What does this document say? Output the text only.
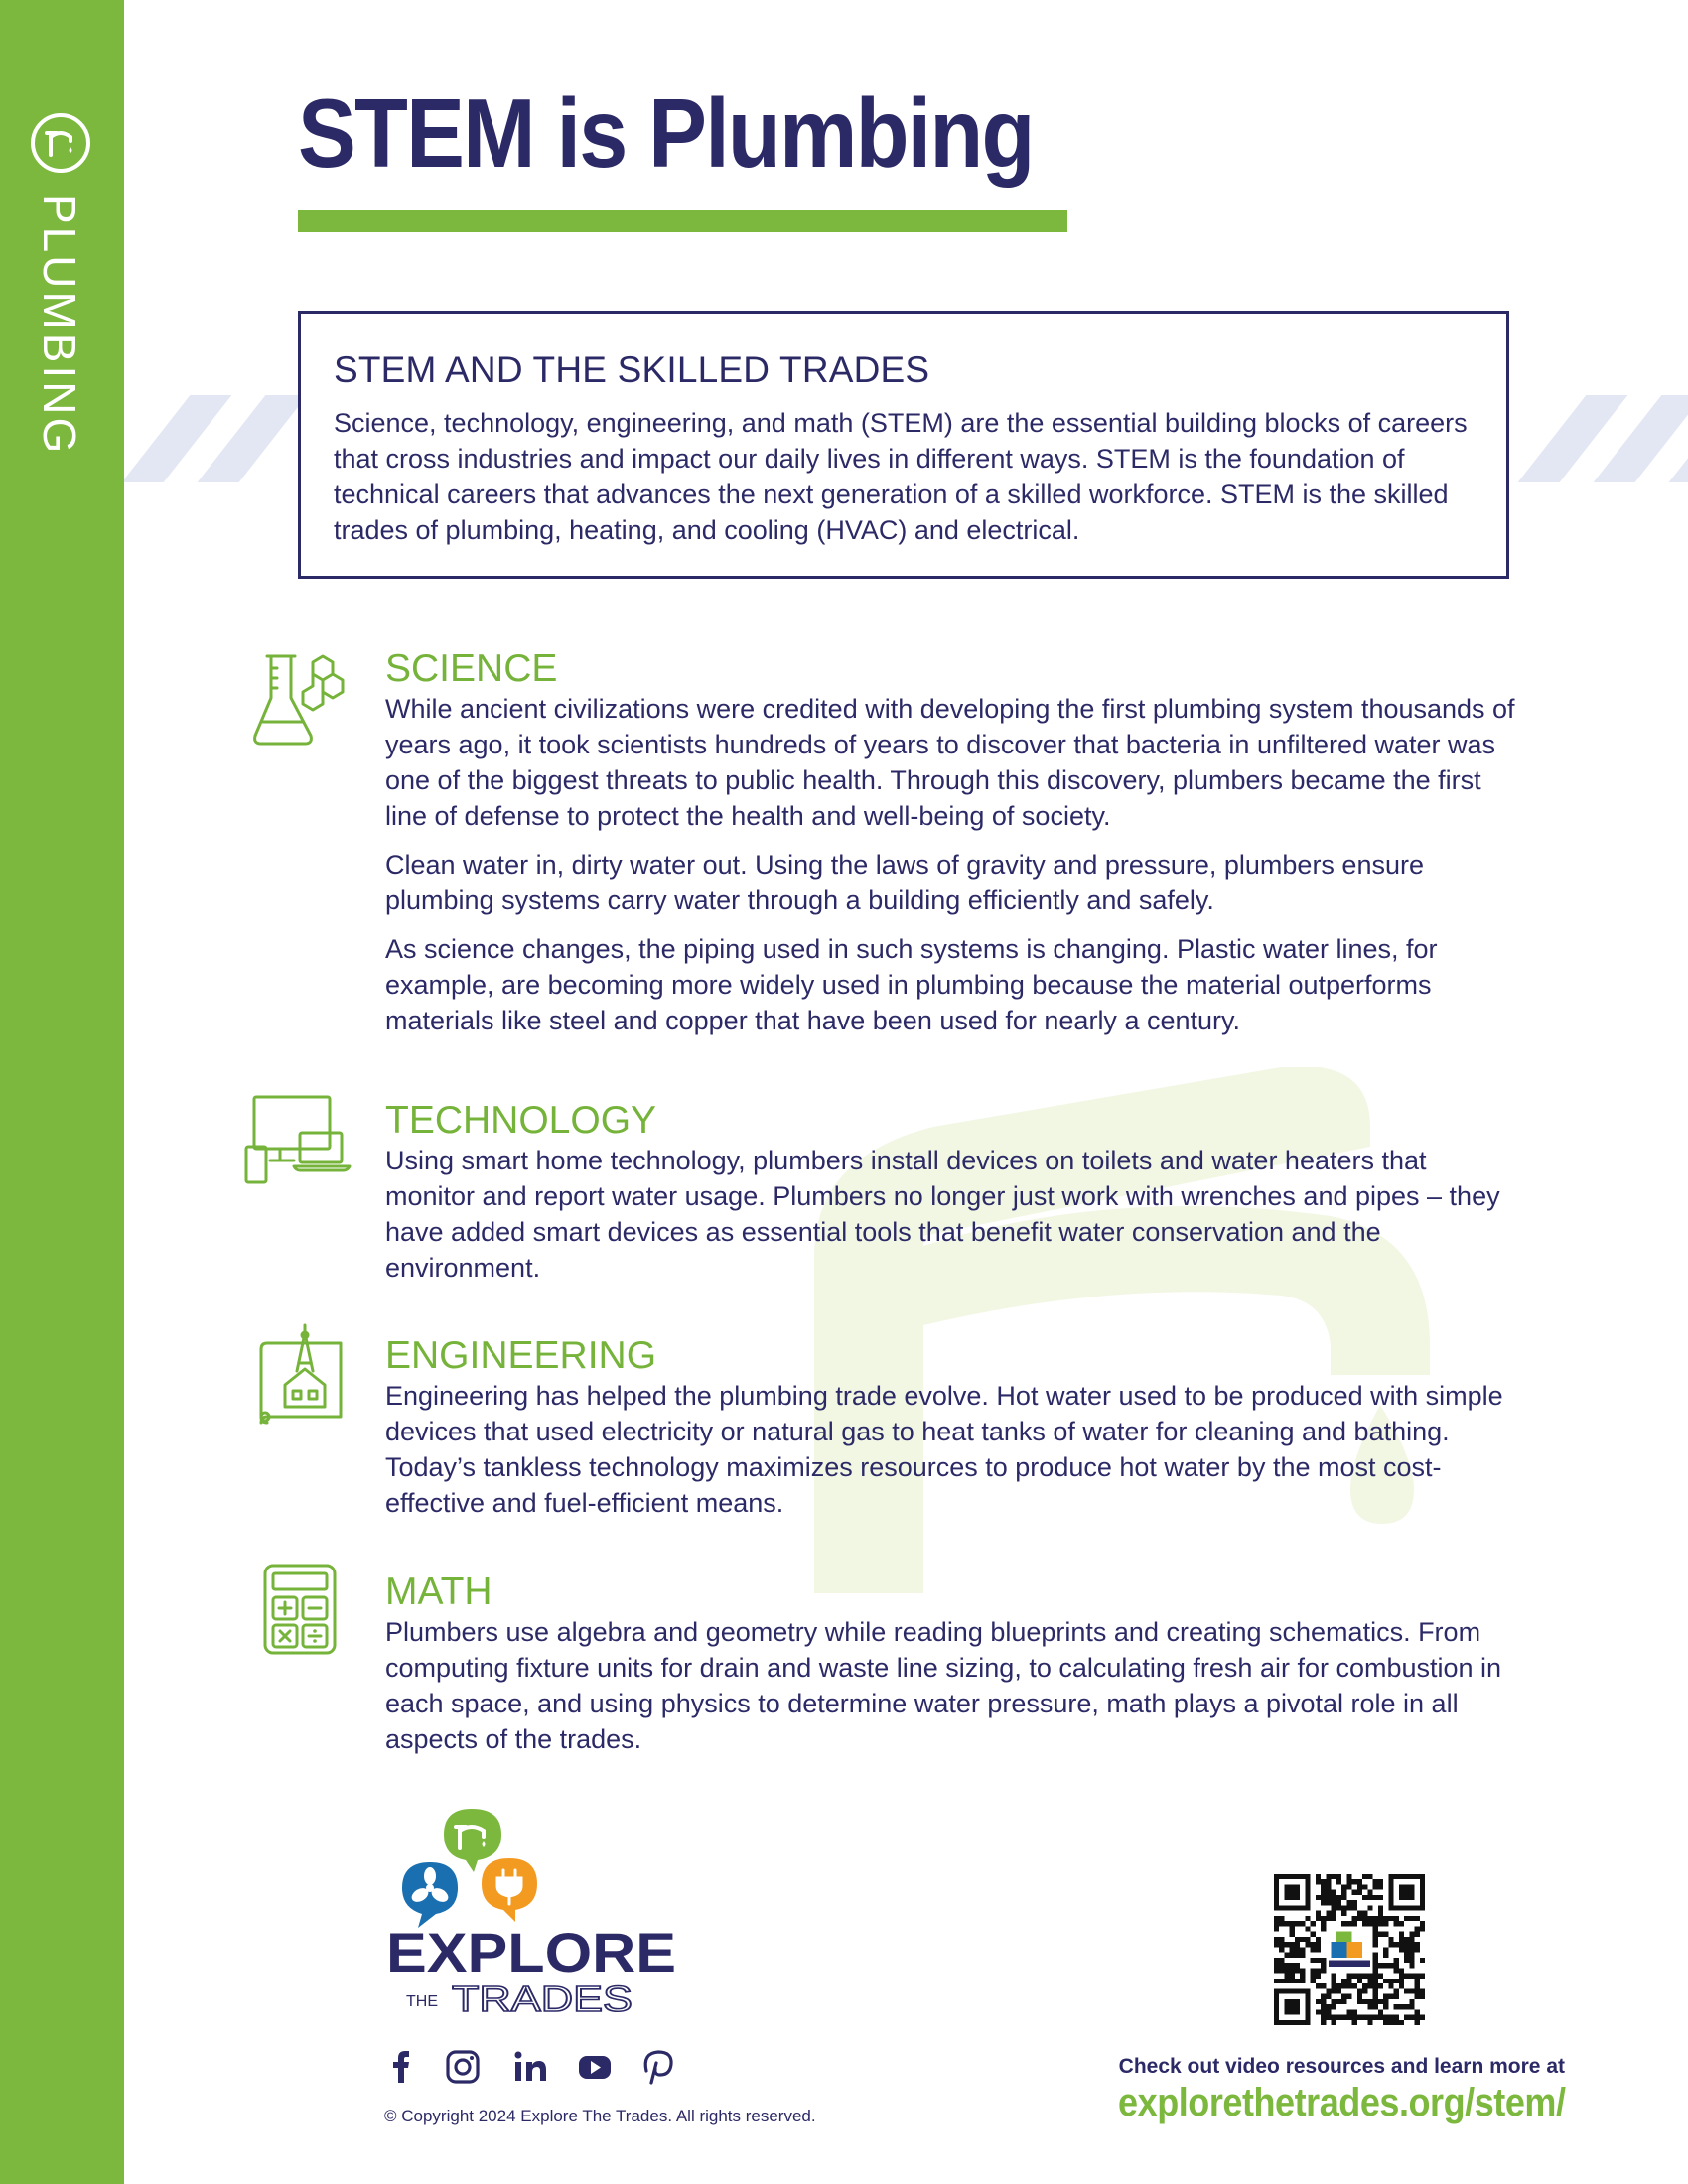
PLUMBING
STEM is Plumbing
STEM AND THE SKILLED TRADES

Science, technology, engineering, and math (STEM) are the essential building blocks of careers that cross industries and impact our daily lives in different ways. STEM is the foundation of technical careers that advances the next generation of a skilled workforce. STEM is the skilled trades of plumbing, heating, and cooling (HVAC) and electrical.

SCIENCE

While ancient civilizations were credited with developing the first plumbing system thousands of years ago, it took scientists hundreds of years to discover that bacteria in unfiltered water was one of the biggest threats to public health. Through this discovery, plumbers became the first line of defense to protect the health and well-being of society.

Clean water in, dirty water out. Using the laws of gravity and pressure, plumbers ensure plumbing systems carry water through a building efficiently and safely.

As science changes, the piping used in such systems is changing. Plastic water lines, for example, are becoming more widely used in plumbing because the material outperforms materials like steel and copper that have been used for nearly a century.

TECHNOLOGY

Using smart home technology, plumbers install devices on toilets and water heaters that monitor and report water usage. Plumbers no longer just work with wrenches and pipes – they have added smart devices as essential tools that benefit water conservation and the environment.

ENGINEERING

Engineering has helped the plumbing trade evolve. Hot water used to be produced with simple devices that used electricity or natural gas to heat tanks of water for cleaning and bathing. Today’s tankless technology maximizes resources to produce hot water by the most cost-effective and fuel-efficient means.

MATH

Plumbers use algebra and geometry while reading blueprints and creating schematics. From computing fixture units for drain and waste line sizing, to calculating fresh air for combustion in each space, and using physics to determine water pressure, math plays a pivotal role in all aspects of the trades.

EXPLORE
THE TRADES

© Copyright 2024 Explore The Trades. All rights reserved.

Check out video resources and learn more at

explorethetrades.org/stem/
